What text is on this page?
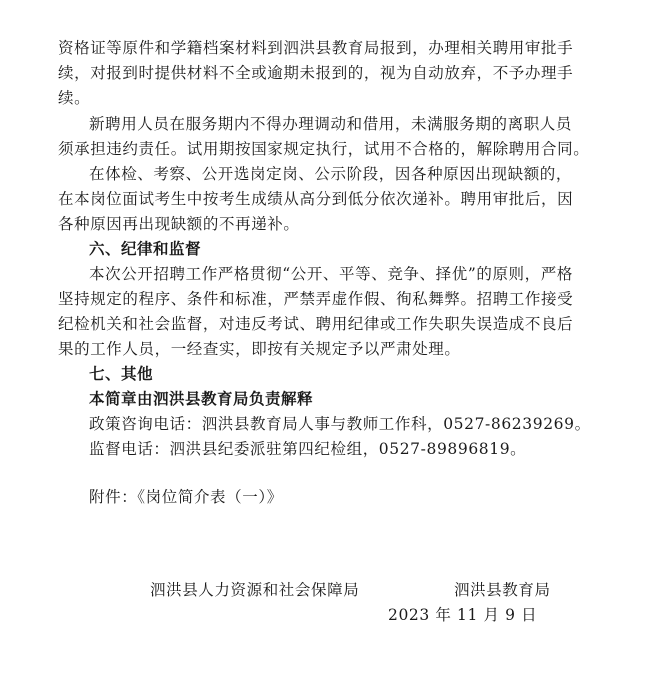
资格证等原件和学籍档案材料到泗洪县教育局报到，办理相关聘用审批手
续，对报到时提供材料不全或逾期未报到的，视为自动放弃，不予办理手
续。
新聘用人员在服务期内不得办理调动和借用，未满服务期的离职人员
须承担违约责任。试用期按国家规定执行，试用不合格的，解除聘用合同。
在体检、考察、公开选岗定岗、公示阶段，因各种原因出现缺额的，
在本岗位面试考生中按考生成绩从高分到低分依次递补。聘用审批后，因
各种原因再出现缺额的不再递补。
六、纪律和监督
本次公开招聘工作严格贯彻“公开、平等、竞争、择优”的原则，严格
坚持规定的程序、条件和标准，严禁弄虚作假、徇私舞弊。招聘工作接受
纪检机关和社会监督，对违反考试、聘用纪律或工作失职失误造成不良后
果的工作人员，一经查实，即按有关规定予以严肃处理。
七、其他
本简章由泗洪县教育局负责解释
政策咨询电话：泗洪县教育局人事与教师工作科，0527-86239269。
监督电话：泗洪县纪委派驻第四纪检组，0527-89896819。
附件：《岗位简介表（一）》
泗洪县人力资源和社会保障局	泗洪县教育局
2023 年 11 月 9 日
